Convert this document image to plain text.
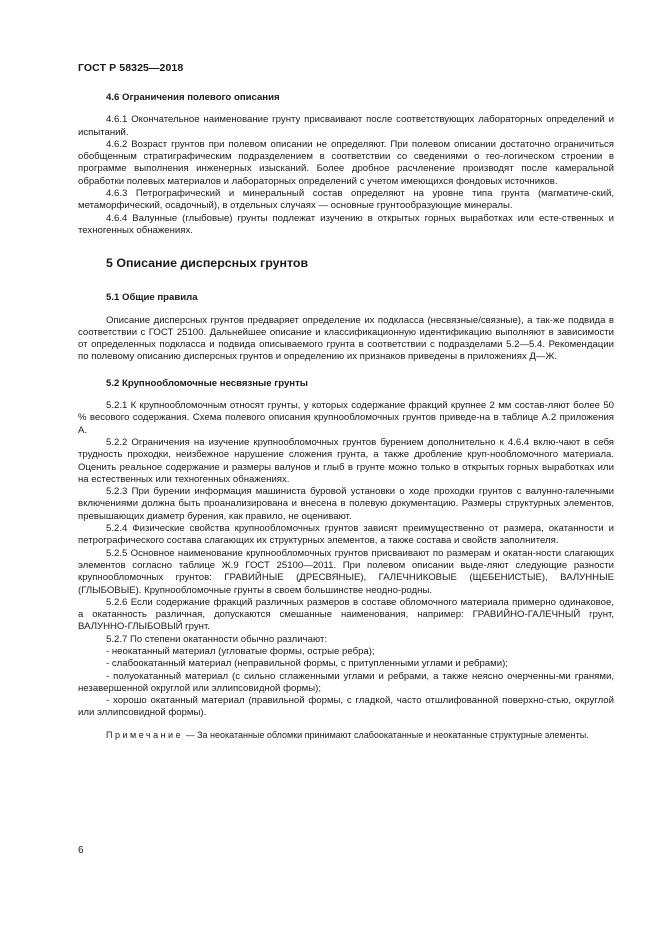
ГОСТ Р 58325—2018

4.6 Ограничения полевого описания

4.6.1 Окончательное наименование грунту присваивают после соответствующих лабораторных определений и испытаний.

4.6.2 Возраст грунтов при полевом описании не определяют. При полевом описании достаточно ограничиться обобщенным стратиграфическим подразделением в соответствии со сведениями о гео-логическом строении в программе выполнения инженерных изысканий. Более дробное расчленение производят после камеральной обработки полевых материалов и лабораторных определений с учетом имеющихся фондовых источников.

4.6.3 Петрографический и минеральный состав определяют на уровне типа грунта (магматиче-ский, метаморфический, осадочный), в отдельных случаях — основные грунтообразующие минералы.

4.6.4 Валунные (глыбовые) грунты подлежат изучению в открытых горных выработках или есте-ственных и техногенных обнажениях.

5 Описание дисперсных грунтов

5.1 Общие правила

Описание дисперсных грунтов предваряет определение их подкласса (несвязные/связные), а так-же подвида в соответствии с ГОСТ 25100. Дальнейшее описание и классификационную идентификацию выполняют в зависимости от определенных подкласса и подвида описываемого грунта в соответствии с подразделами 5.2—5.4. Рекомендации по полевому описанию дисперсных грунтов и определению их признаков приведены в приложениях Д—Ж.

5.2 Крупнообломочные несвязные грунты

5.2.1 К крупнообломочным относят грунты, у которых содержание фракций крупнее 2 мм состав-ляют более 50 % весового содержания. Схема полевого описания крупнообломочных грунтов приведе-на в таблице А.2 приложения А.

5.2.2 Ограничения на изучение крупнообломочных грунтов бурением дополнительно к 4.6.4 вклю-чают в себя трудность проходки, неизбежное нарушение сложения грунта, а также дробление круп-нообломочного материала. Оценить реальное содержание и размеры валунов и глыб в грунте можно только в открытых горных выработках или на естественных или техногенных обнажениях.

5.2.3 При бурении информация машиниста буровой установки о ходе проходки грунтов с валунно-галечными включениями должна быть проанализирована и внесена в полевую документацию. Размеры структурных элементов, превышающих диаметр бурения, как правило, не оценивают.

5.2.4 Физические свойства крупнообломочных грунтов зависят преимущественно от размера, окатанности и петрографического состава слагающих их структурных элементов, а также состава и свойств заполнителя.

5.2.5 Основное наименование крупнообломочных грунтов присваивают по размерам и окатан-ности слагающих элементов согласно таблице Ж.9 ГОСТ 25100—2011. При полевом описании выде-ляют следующие разности крупнообломочных грунтов: ГРАВИЙНЫЕ (ДРЕСВЯНЫЕ), ГАЛЕЧНИКОВЫЕ (ЩЕБЕНИСТЫЕ), ВАЛУННЫЕ (ГЛЫБОВЫЕ). Крупнообломочные грунты в своем большинстве неодно-родны.

5.2.6 Если содержание фракций различных размеров в составе обломочного материала примерно одинаковое, а окатанность различная, допускаются смешанные наименования, например: ГРАВИЙНО-ГАЛЕЧНЫЙ грунт, ВАЛУННО-ГЛЫБОВЫЙ грунт.

5.2.7 По степени окатанности обычно различают:

- неокатанный материал (угловатые формы, острые ребра);

- слабоокатанный материал (неправильной формы, с притупленными углами и ребрами);

- полуокатанный материал (с сильно сглаженными углами и ребрами, а также неясно очерченны-ми гранями, незавершенной округлой или эллипсовидной формы);

- хорошо окатанный материал (правильной формы, с гладкой, часто отшлифованной поверхно-стью, округлой или эллипсовидной формы).

Примечание — За неокатанные обломки принимают слабоокатанные и неокатанные структурные элементы.

6
